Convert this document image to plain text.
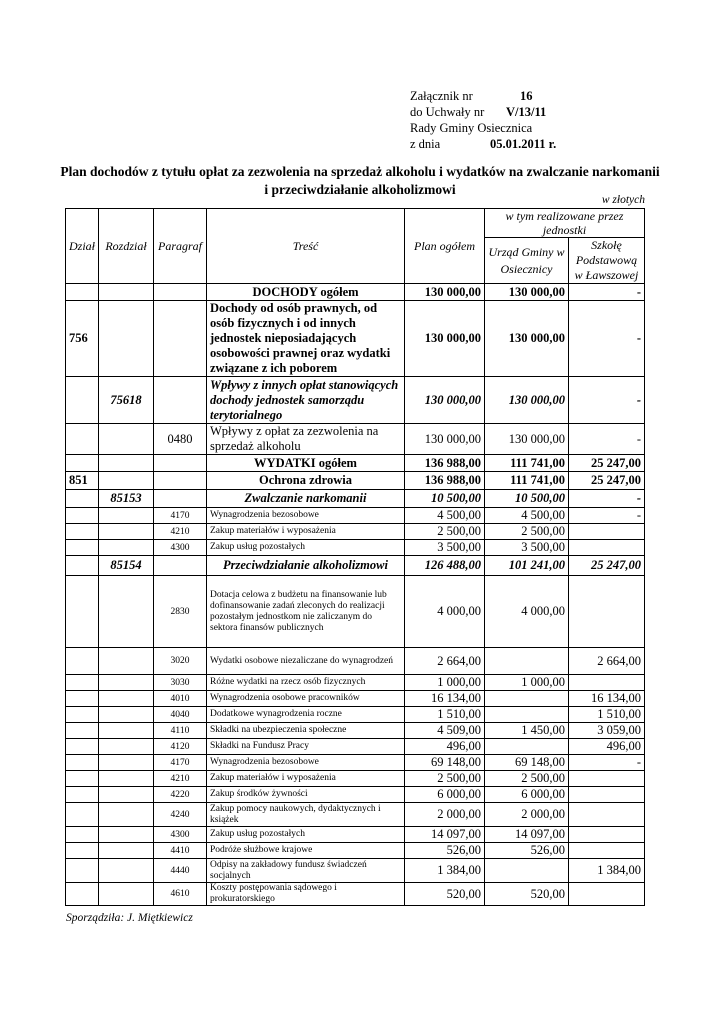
Załącznik nr	16
do Uchwały nr V/13/11
Rady Gminy Osiecznica
z dnia	05.01.2011 r.
Plan dochodów z tytułu opłat za zezwolenia na sprzedaż alkoholu i wydatków na zwalczanie narkomanii i przeciwdziałanie alkoholizmowi
w złotych
Dział	Rozdział	Paragraf	Treść	Plan ogółem	w tym realizowane przez jednostki	
					Urząd Gminy w Osiecznicy	Szkołę Podstawową w Ławszowej
			DOCHODY ogółem	130 000,00	130 000,00	-
756			Dochody od osób prawnych, od osób fizycznych i od innych jednostek nieposiadających osobowości prawnej oraz wydatki związane z ich poborem	130 000,00	130 000,00	-
	75618		Wpływy z innych opłat stanowiących dochody jednostek samorządu terytorialnego	130 000,00	130 000,00	-
		0480	Wpływy z opłat za zezwolenia na sprzedaż alkoholu	130 000,00	130 000,00	-
			WYDATKI ogółem	136 988,00	111 741,00	25 247,00
851			Ochrona zdrowia	136 988,00	111 741,00	25 247,00
	85153		Zwalczanie narkomanii	10 500,00	10 500,00	-
		4170	Wynagrodzenia bezosobowe	4 500,00	4 500,00	-
		4210	Zakup materiałów i wyposażenia	2 500,00	2 500,00	
		4300	Zakup usług pozostałych	3 500,00	3 500,00	
	85154		Przeciwdziałanie alkoholizmowi	126 488,00	101 241,00	25 247,00
		2830	Dotacja celowa z budżetu na finansowanie lub dofinansowanie zadań zleconych do realizacji pozostałym jednostkom nie zaliczanym do sektora finansów publicznych	4 000,00	4 000,00	
		3020	Wydatki osobowe niezaliczane do wynagrodzeń	2 664,00		2 664,00
		3030	Różne wydatki na rzecz osób fizycznych	1 000,00	1 000,00	
		4010	Wynagrodzenia osobowe pracowników	16 134,00		16 134,00
		4040	Dodatkowe wynagrodzenia roczne	1 510,00		1 510,00
		4110	Składki na ubezpieczenia społeczne	4 509,00	1 450,00	3 059,00
		4120	Składki na Fundusz Pracy	496,00		496,00
		4170	Wynagrodzenia bezosobowe	69 148,00	69 148,00	-
		4210	Zakup materiałów i wyposażenia	2 500,00	2 500,00	
		4220	Zakup środków żywności	6 000,00	6 000,00	
		4240	Zakup pomocy naukowych, dydaktycznych i książek	2 000,00	2 000,00	
		4300	Zakup usług pozostałych	14 097,00	14 097,00	
		4410	Podróże służbowe krajowe	526,00	526,00	
		4440	Odpisy na zakładowy fundusz świadczeń socjalnych	1 384,00		1 384,00
		4610	Koszty postępowania sądowego i prokuratorskiego	520,00	520,00	
Sporządziła: J. Miętkiewicz
